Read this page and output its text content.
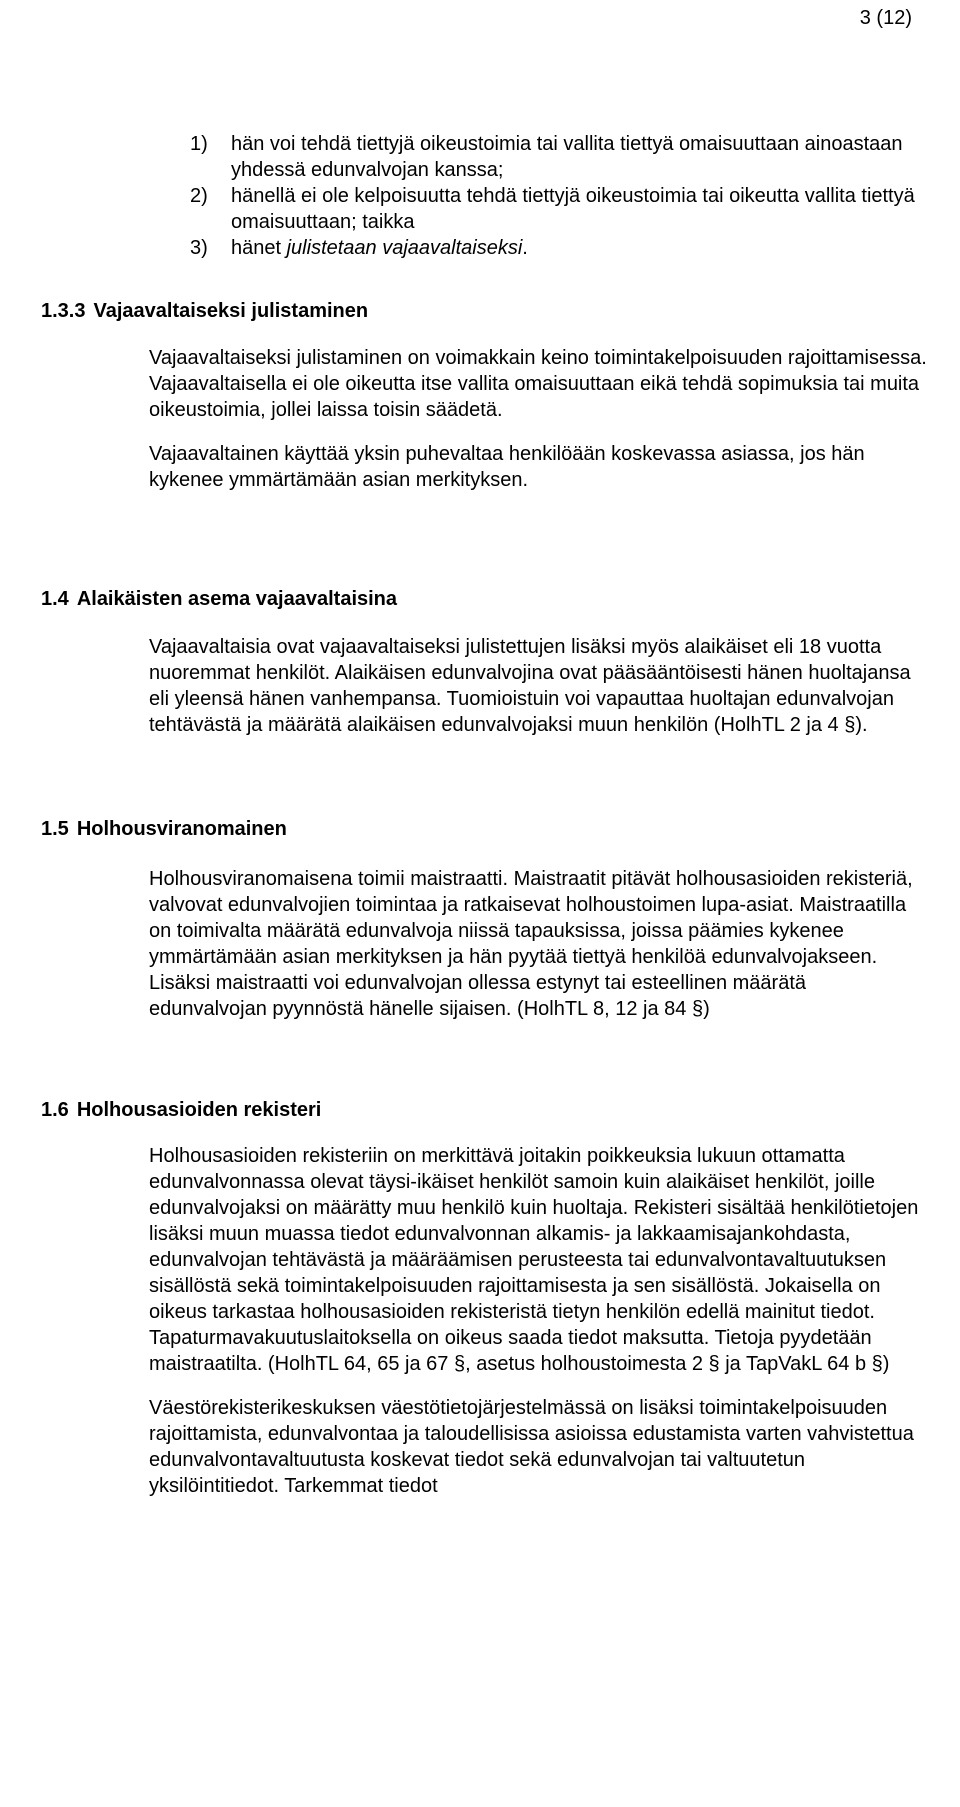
3 (12)
1)	hän voi tehdä tiettyjä oikeustoimia tai vallita tiettyä omaisuuttaan ainoastaan yhdessä edunvalvojan kanssa;
2)	hänellä ei ole kelpoisuutta tehdä tiettyjä oikeustoimia tai oikeutta vallita tiettyä omaisuuttaan; taikka
3)	hänet julistetaan vajaavaltaiseksi.
1.3.3 Vajaavaltaiseksi julistaminen

Vajaavaltaiseksi julistaminen on voimakkain keino toimintakelpoisuuden rajoittamisessa. Vajaavaltaisella ei ole oikeutta itse vallita omaisuuttaan eikä tehdä sopimuksia tai muita oikeustoimia, jollei laissa toisin säädetä.

Vajaavaltainen käyttää yksin puhevaltaa henkilöään koskevassa asiassa, jos hän kykenee ymmärtämään asian merkityksen.

1.4 Alaikäisten asema vajaavaltaisina

Vajaavaltaisia ovat vajaavaltaiseksi julistettujen lisäksi myös alaikäiset eli 18 vuotta nuoremmat henkilöt. Alaikäisen edunvalvojina ovat pääsääntöisesti hänen huoltajansa eli yleensä hänen vanhempansa. Tuomioistuin voi vapauttaa huoltajan edunvalvojan tehtävästä ja määrätä alaikäisen edunvalvojaksi muun henkilön (HolhTL 2 ja 4 §).

1.5 Holhousviranomainen

Holhousviranomaisena toimii maistraatti. Maistraatit pitävät holhousasioiden rekisteriä, valvovat edunvalvojien toimintaa ja ratkaisevat holhoustoimen lupa-asiat. Maistraatilla on toimivalta määrätä edunvalvoja niissä tapauksissa, joissa päämies kykenee ymmärtämään asian merkityksen ja hän pyytää tiettyä henkilöä edunvalvojakseen. Lisäksi maistraatti voi edunvalvojan ollessa estynyt tai esteellinen määrätä edunvalvojan pyynnöstä hänelle sijaisen. (HolhTL 8, 12 ja 84 §)

1.6 Holhousasioiden rekisteri

Holhousasioiden rekisteriin on merkittävä joitakin poikkeuksia lukuun ottamatta edunvalvonnassa olevat täysi-ikäiset henkilöt samoin kuin alaikäiset henkilöt, joille edunvalvojaksi on määrätty muu henkilö kuin huoltaja. Rekisteri sisältää henkilötietojen lisäksi muun muassa tiedot edunvalvonnan alkamis- ja lakkaamisajankohdasta, edunvalvojan tehtävästä ja määräämisen perusteesta tai edunvalvontavaltuutuksen sisällöstä sekä toimintakelpoisuuden rajoittamisesta ja sen sisällöstä. Jokaisella on oikeus tarkastaa holhousasioiden rekisteristä tietyn henkilön edellä mainitut tiedot. Tapaturmavakuutuslaitoksella on oikeus saada tiedot maksutta. Tietoja pyydetään maistraatilta. (HolhTL 64, 65 ja 67 §, asetus holhoustoimesta 2 § ja TapVakL 64 b §)

Väestörekisterikeskuksen väestötietojärjestelmässä on lisäksi toimintakelpoisuuden rajoittamista, edunvalvontaa ja taloudellisissa asioissa edustamista varten vahvistettua edunvalvontavaltuutusta koskevat tiedot sekä edunvalvojan tai valtuutetun yksilöintitiedot. Tarkemmat tiedot
